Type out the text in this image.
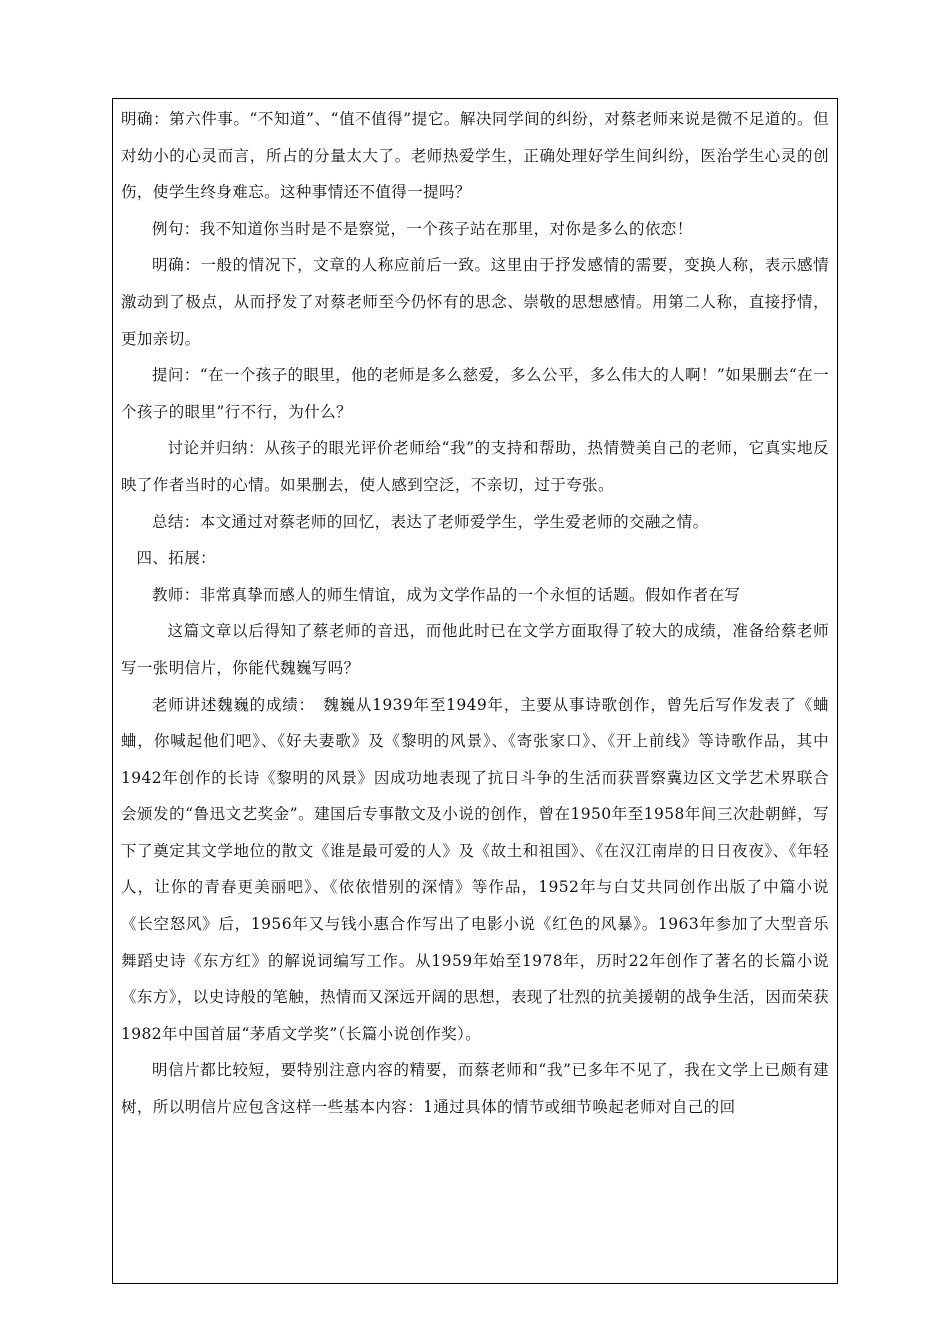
明确：第六件事。“不知道”、“值不值得”提它。解决同学间的纠纷，对蔡老师来说是微不足道的。但对幼小的心灵而言，所占的分量太大了。老师热爱学生，正确处理好学生间纠纷，医治学生心灵的创伤，使学生终身难忘。这种事情还不值得一提吗？

例句：我不知道你当时是不是察觉，一个孩子站在那里，对你是多么的依恋！

明确：一般的情况下，文章的人称应前后一致。这里由于抒发感情的需要，变换人称，表示感情激动到了极点，从而抒发了对蔡老师至今仍怀有的思念、崇敬的思想感情。用第二人称，直接抒情，更加亲切。

提问：“在一个孩子的眼里，他的老师是多么慈爱，多么公平，多么伟大的人啊！”如果删去“在一个孩子的眼里”行不行，为什么？

讨论并归纳：从孩子的眼光评价老师给“我”的支持和帮助，热情赞美自己的老师，它真实地反映了作者当时的心情。如果删去，使人感到空泛，不亲切，过于夸张。

总结：本文通过对蔡老师的回忆，表达了老师爱学生，学生爱老师的交融之情。

四、拓展：

教师：非常真挚而感人的师生情谊，成为文学作品的一个永恒的话题。假如作者在写

这篇文章以后得知了蔡老师的音迅，而他此时已在文学方面取得了较大的成绩，准备给蔡老师写一张明信片，你能代魏巍写吗？

老师讲述魏巍的成绩：　魏巍从1939年至1949年，主要从事诗歌创作，曾先后写作发表了《蛐蛐，你喊起他们吧》、《好夫妻歌》及《黎明的风景》、《寄张家口》、《开上前线》等诗歌作品，其中1942年创作的长诗《黎明的风景》因成功地表现了抗日斗争的生活而获晋察冀边区文学艺术界联合会颁发的“鲁迅文艺奖金”。建国后专事散文及小说的创作，曾在1950年至1958年间三次赴朝鲜，写下了奠定其文学地位的散文《谁是最可爱的人》及《故土和祖国》、《在汉江南岸的日日夜夜》、《年轻人，让你的青春更美丽吧》、《依依惜别的深情》等作品，1952年与白艾共同创作出版了中篇小说《长空怒风》后，1956年又与钱小惠合作写出了电影小说《红色的风暴》。1963年参加了大型音乐舞蹈史诗《东方红》的解说词编写工作。从1959年始至1978年，历时22年创作了著名的长篇小说《东方》，以史诗般的笔触，热情而又深远开阔的思想，表现了壮烈的抗美援朝的战争生活，因而荣获1982年中国首届“茅盾文学奖”（长篇小说创作奖）。

明信片都比较短，要特别注意内容的精要，而蔡老师和“我”已多年不见了，我在文学上已颇有建树，所以明信片应包含这样一些基本内容：1通过具体的情节或细节唤起老师对自己的回
